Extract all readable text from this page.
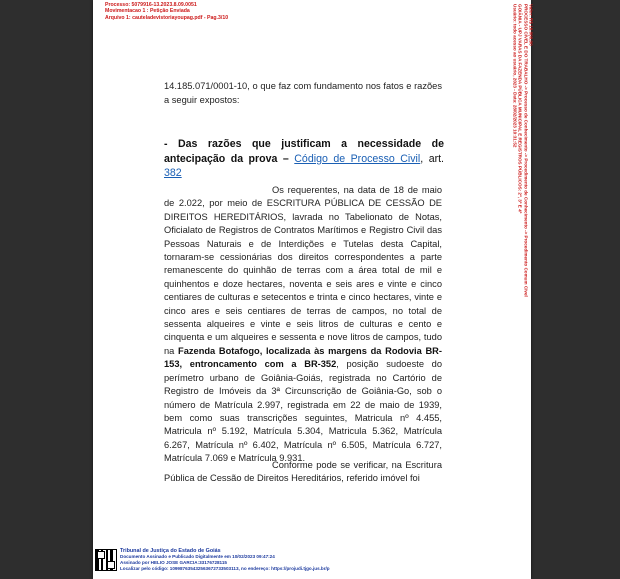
Processo: 5079916-13.2023.8.09.0051
Movimentacao 1 : Petição Enviada
Arquivo 1: cauteladevistoriayoupag.pdf - Pag.3/10	Valor: R$ 10.000,00
PROCESSO CÍVEL E DO TRABALHO -> Processo de Conhecimento -> Procedimento de Conhecimento -> Procedimento Comum Cível
GOIÂNIA - UPJ VARAS DA FAZENDA PÚBLICA MUNICIPAL E REGISTROS PÚBLICOS: 2ª, 3ª E 4ª
Usuário: todo acesso ao usuário, 2023 - Data: 28/02/2023 10:31:52

14.185.071/0001-10, o que faz com fundamento nos fatos e razões a seguir expostos:

- Das razões que justificam a necessidade de antecipação da prova – Código de Processo Civil, art. 382

Os requerentes, na data de 18 de maio de 2.022, por meio de ESCRITURA PÚBLICA DE CESSÃO DE DIREITOS HEREDITÁRIOS, lavrada no Tabelionato de Notas, Oficialato de Registros de Contratos Marítimos e Registro Civil das Pessoas Naturais e de Interdições e Tutelas desta Capital, tornaram-se cessionárias dos direitos correspondentes a parte remanescente do quinhão de terras com a área total de mil e quinhentos e doze hectares, noventa e seis ares e vinte e cinco centiares de culturas e setecentos e trinta e cinco hectares, vinte e cinco ares e seis centiares de terras de campos, no total de sessenta alqueires e vinte e seis litros de culturas e cento e cinquenta e um alqueires e sessenta e nove litros de campos, tudo na Fazenda Botafogo, localizada às margens da Rodovia BR-153, entroncamento com a BR-352, posição sudoeste do perímetro urbano de Goiânia-Goiás, registrada no Cartório de Registro de Imóveis da 3ª Circunscrição de Goiânia-Go, sob o número de Matrícula 2.997, registrada em 22 de maio de 1939, bem como suas transcrições seguintes, Matricula nº 4.455, Matricula nº 5.192, Matrícula 5.304, Matricula 5.362, Matrícula 6.267, Matrícula nº 6.402, Matrícula nº 6.505, Matrícula 6.727, Matrícula 7.069 e Matrícula 9.931.

Conforme pode se verificar, na Escritura Pública de Cessão de Direitos Hereditários, referido imóvel foi

Tribunal de Justiça do Estado de Goiás
Documento Assinado e Publicado Digitalmente em 10/02/2023 09:47:24
Assinado por HELIO JOSE GARCIA:33176728115
Localizar pelo código: 109987635432563672733503113, no endereço: https://projudi.tjgo.jus.br/p
